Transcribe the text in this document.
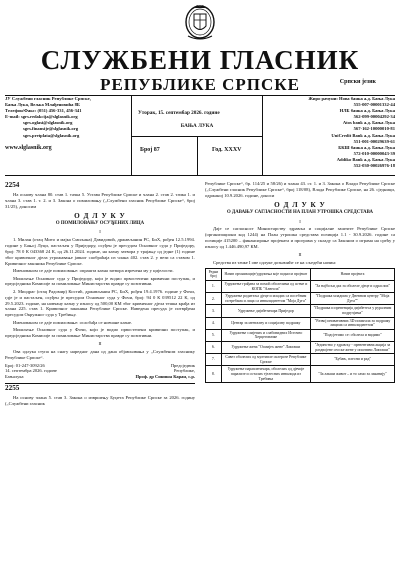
СЛУЖБЕНИ ГЛАСНИК
РЕПУБЛИКЕ СРПСКЕ	Српски језик
ЈУ Службени гласник Републике Српске,
Бања Лука, Вељка Млађеновића 8Б
Телефон/Факс: (051) 456-331, 456-341
E-mail: sgrs.redakcija@slglasnik.org
sgrs.oglasi@slglasnik.org
sgrs.finansije@slglasnik.org
sgrs.pretplata@slglasnik.org
www.slglasnik.org
Уторак, 15. септембар 2026. године
БАЊА ЛУКА
Број 87	Год. XXXV
Жиро рачуни: Нова банка а.д. Бања Лука
555-007-00001332-44
НЛБ банка а.д. Бања Лука
562-099-00004292-34
Atos bank а.д. Бања Лука
567-162-10000010-81
UniCredit Bank а.д. Бања Лука
551-001-00029639-61
БКШ банка а.д. Бања Лука
572-010-00000043-39
Addiko Bank а.д. Бања Лука
552-030-00026976-18
2254

На основу члана 80. став 1. тачка 5. Устава Републике Српске и члана 2. став 2. тачка 1. и члана 3. став 1. т. 2. и 3. Закона о помиловању („Службени гласник Републике Српске“, број 31/25), доносим

О Д Л У К У
О ПОМИЛОВАЊУ ОСУЂЕНИХ ЛИЦА
I

1. Милан (отац Митo и мајка Смиљана) Давидовић, држављанин РС, БиХ, рођен 12.5.1994. године у Бањој Луци, пастаљен у Приједору, осуђен је пресудом Основног суда у Приједору, број: 78 0 К 043368 24 К, од 26.11.2024. године, на казну затвора у трајању од једне (1) године због кривичног дјела угрожавање јавног саобраћаја из члана 402. став 2. у вези са ставом 1. Кривичног законика Републике Српске.

Именованом се даје помиловање: опрашта казна затвора изречена му у цијелости.

Мишљење Основног суда у Приједору, који је водио првостепени кривични поступак, и предсједника Комисије за помиловање Министарства правде су позитивни.

2. Миодраг (отац Радомир) Костић, држављанин РС, БиХ, рођен 19.4.1976. године у Фочи, гдје је и пастаљен, осуђен је пресудом Основног суда у Фочи, број: 94 0 К 039512 22 К, од 29.5.2023. године, на новчану казну у износу од 500,00 КМ због кривичног дјела тешка крађа из члана 225. став 1. Кривичног законика Републике Српске. Наведена пресуда је потврђена пресудом Окружног суда у Требињу.

Именованом се даје помиловање: ослобађа се новчане казне.

Мишљење Основног суда у Фочи, који је водио првостепени кривични поступак, и предсједника Комисије за помиловање Министарства правде су позитивни.

II

Ова одлука ступа на снагу наредног дана од дана објављивања у „Службеном гласнику Републике Српске“.

Број: 01-247-3092/26
14. септембра 2026. године
Бањалука
Предсједник
Републике,
Проф. др Синиша Каран, с.р.
2255

На основу члана 5. став 3. Закона о извршењу Буџета Републике Српске за 2026. годину („Службени гласник

Републике Српске“, бр. 114/25 и 58/26) и члана 43. ст. 1. и 3. Закона о Влади Републике Српске („Службени гласник Републике Српске“, број 118/08), Влада Републике Српске, на 26. сједници, одржаној 10.9.2026. године, доноси

О Д Л У К У
О ДАВАЊУ САГЛАСНОСТИ НА ПЛАН УТРОШКА СРЕДСТАВА
I

Даје се сагласност Министарству здравља и социјалне заштите Републике Српске (организациони код 1244) на План утрошка средстава позиција 1.1 - 30.9.2026. године са позиције 415200 – финансирање пројеката и програма у складу са Законом о играма на срећу у износу од 1.446.490,97 КМ.

II

Средства из тачке I ове одлуке дозначиће се на сљедећи начин:

Редни број	Назив организације/удружења које подноси пројекат	Назив пројекта
1.	Удружење грађана за помоћ оболелима од астме и КОПБ "Алвеола"	"За најбољи дах за оболеле дјеце и одраслих"
2.	Удружење родитеља дјеце и младих са посебним потребама и лица са инвалидитетом "Моја Дуга"	"Подршка младима у Дневном центру "Моја Дуга""
3.	Удружење дијабетичара Приједор	"Подршка и превенција дијабетеса у руралним подручјима"
4.	Центар за менталну и социјалну подршку	"Развој иновативних 3D помагала за подршку лицима са инвалидитетом"
5.	Удружење слијепих и слабовидних Источно Херцеговачке	"Подсјетимо се: оболела и видимо"
6.	Удружење жена "Осмијех жене" Лакташи	"Јединство у здрављу - превентивна акција за раздвојене сеоске жене у општини Лакташи"
7.	Савез оболелих од мултипле склерозе Републике Српске	"Бубањ, плесни и рад"
8.	Удружење параплегичара, оболелих од дјечије парализе и осталих тјелесних инвалида из Требиња	"За лакши живот – и то само за лаканију"
